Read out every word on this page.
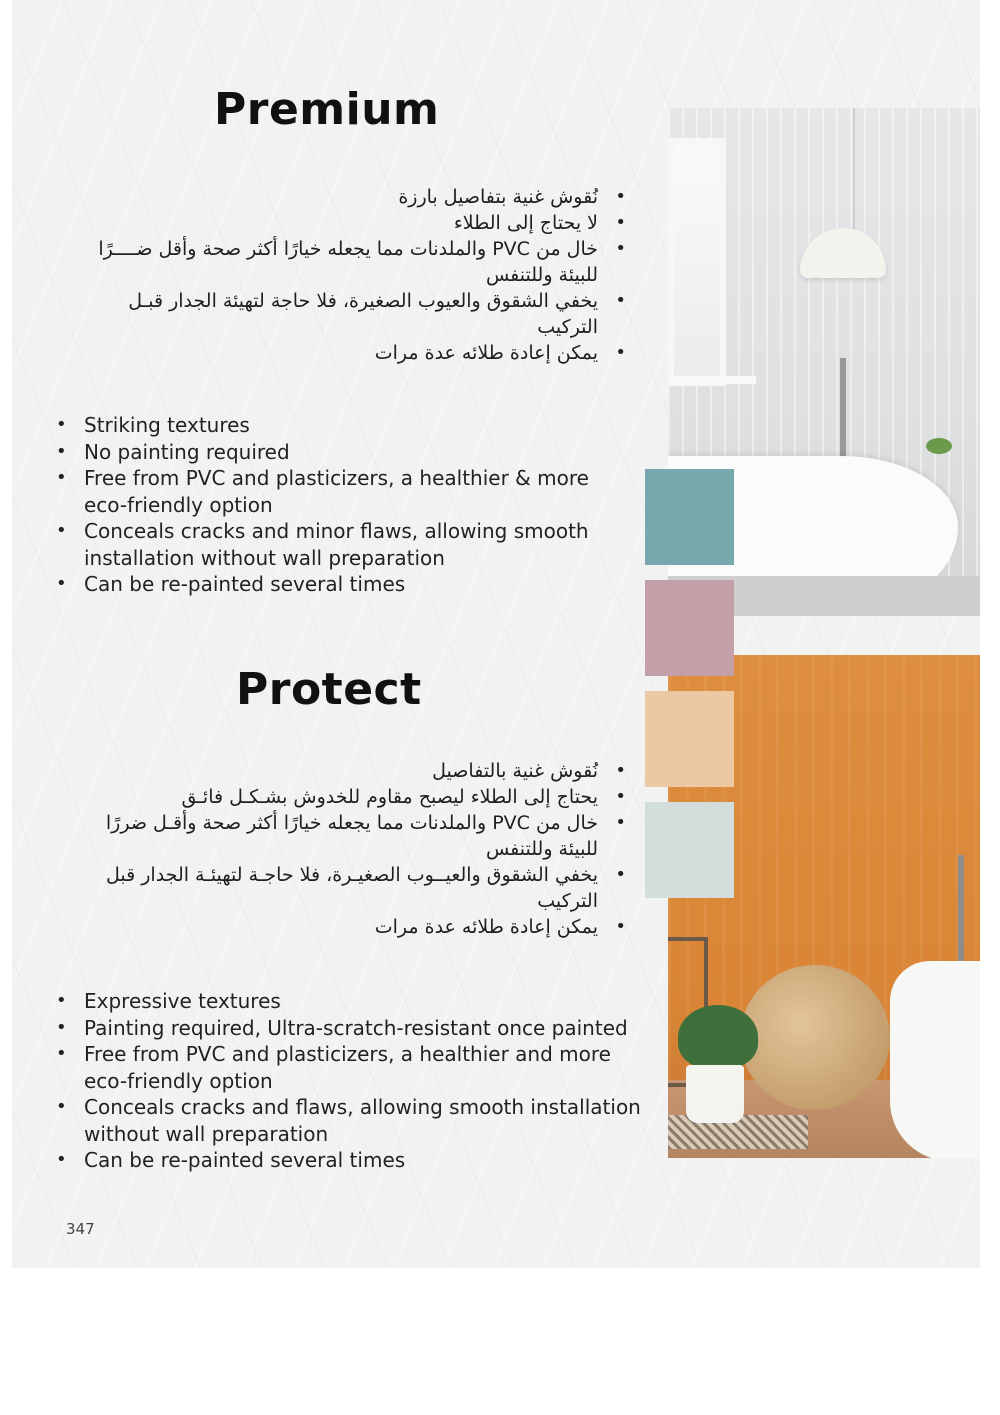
Premium
• نُقوش غنية بتفاصيل بارزة
• لا يحتاج إلى الطلاء
• خال من PVC والملدنات مما يجعله خيارًا أكثر صحة وأقل ضــــرًا للبيئة وللتنفس
• يخفي الشقوق والعيوب الصغيرة، فلا حاجة لتهيئة الجدار قبـل التركيب
• يمكن إعادة طلائه عدة مرات
• Striking textures
• No painting required
• Free from PVC and plasticizers, a healthier & more eco-friendly option
• Conceals cracks and minor flaws, allowing smooth installation without wall preparation
• Can be re-painted several times
Protect
• نُقوش غنية بالتفاصيل
• يحتاج إلى الطلاء ليصبح مقاوم للخدوش بشـكـل فائـق
• خال من PVC والملدنات مما يجعله خيارًا أكثر صحة وأقـل ضررًا للبيئة وللتنفس
• يخفي الشقوق والعيــوب الصغيـرة، فلا حاجـة لتهيئـة الجدار قبل التركيب
• يمكن إعادة طلائه عدة مرات
• Expressive textures
• Painting required, Ultra-scratch-resistant once painted
• Free from PVC and plasticizers, a healthier and more eco-friendly option
• Conceals cracks and flaws, allowing smooth installation without wall preparation
• Can be re-painted several times

347
